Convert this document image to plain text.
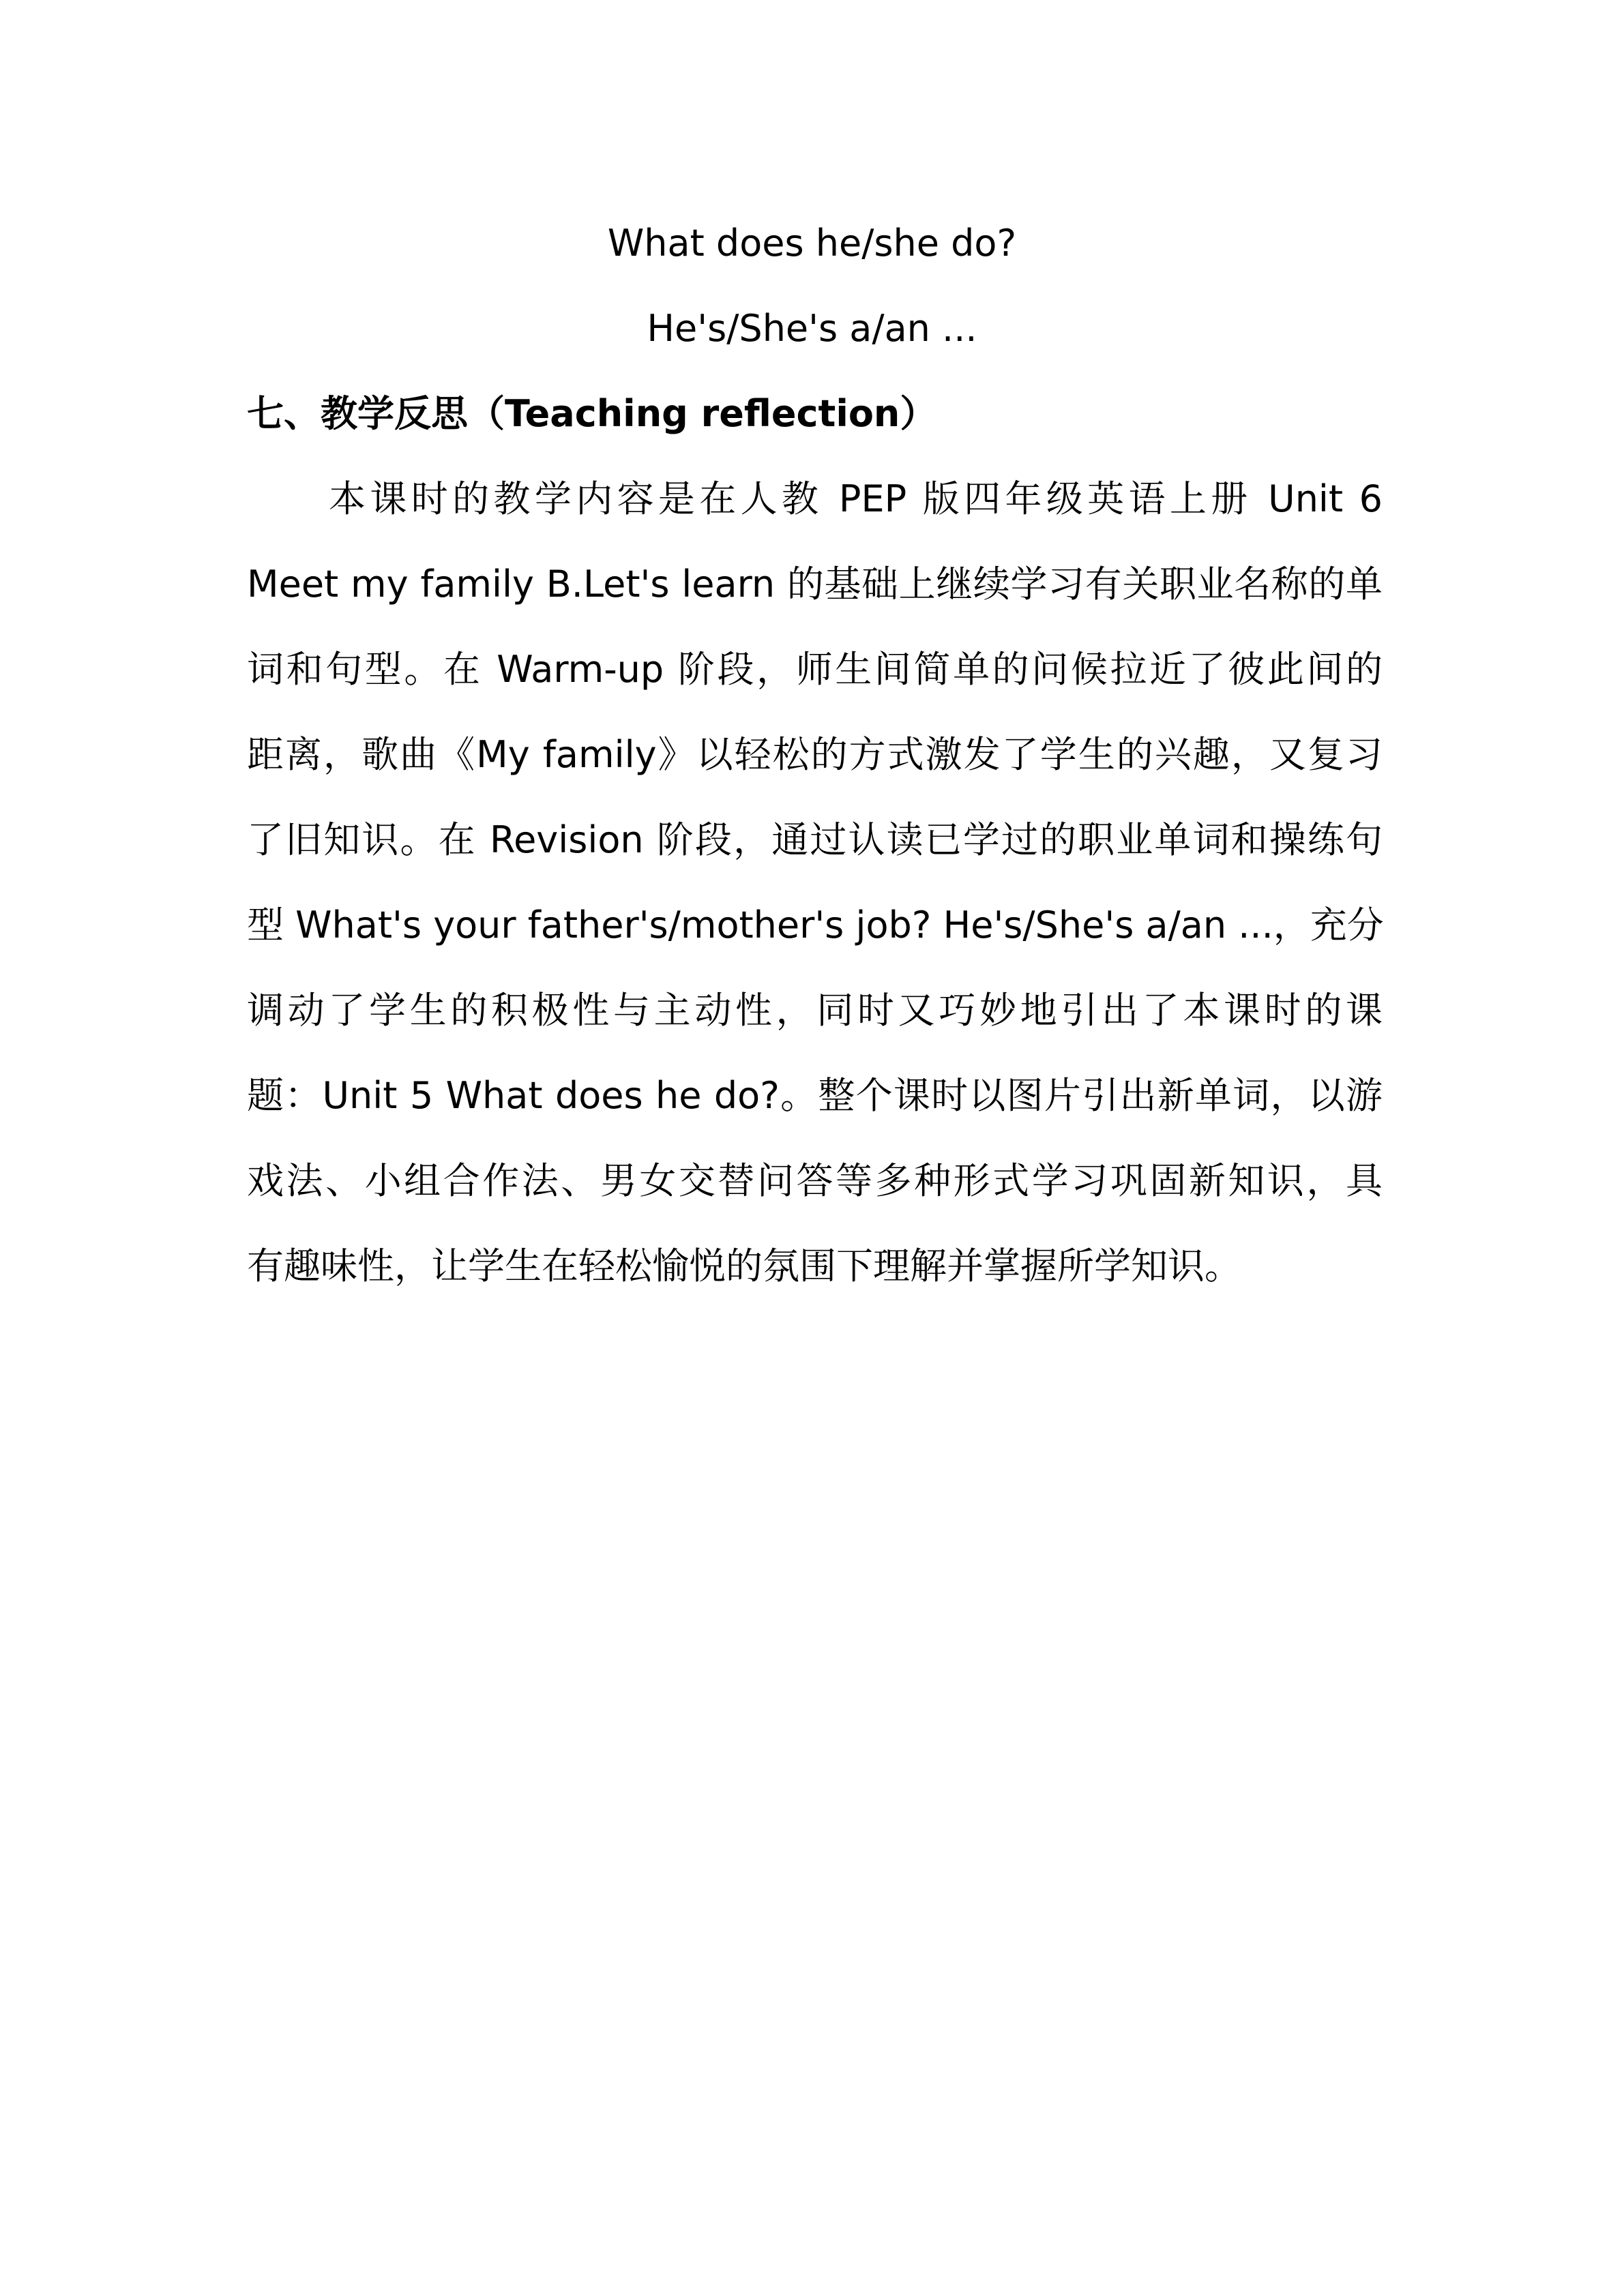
What does he/she do?
He's/She's a/an ...
七、教学反思（Teaching reflection）
本课时的教学内容是在人教 PEP 版四年级英语上册 Unit 6
Meet my family B.Let's learn 的基础上继续学习有关职业名称的单
词和句型。在 Warm-up 阶段，师生间简单的问候拉近了彼此间的
距离，歌曲《My family》以轻松的方式激发了学生的兴趣，又复习
了旧知识。在 Revision 阶段，通过认读已学过的职业单词和操练句
型 What's your father's/mother's job? He's/She's a/an ...，充分
调动了学生的积极性与主动性，同时又巧妙地引出了本课时的课
题：Unit 5 What does he do?。整个课时以图片引出新单词，以游
戏法、小组合作法、男女交替问答等多种形式学习巩固新知识，具
有趣味性，让学生在轻松愉悦的氛围下理解并掌握所学知识。
